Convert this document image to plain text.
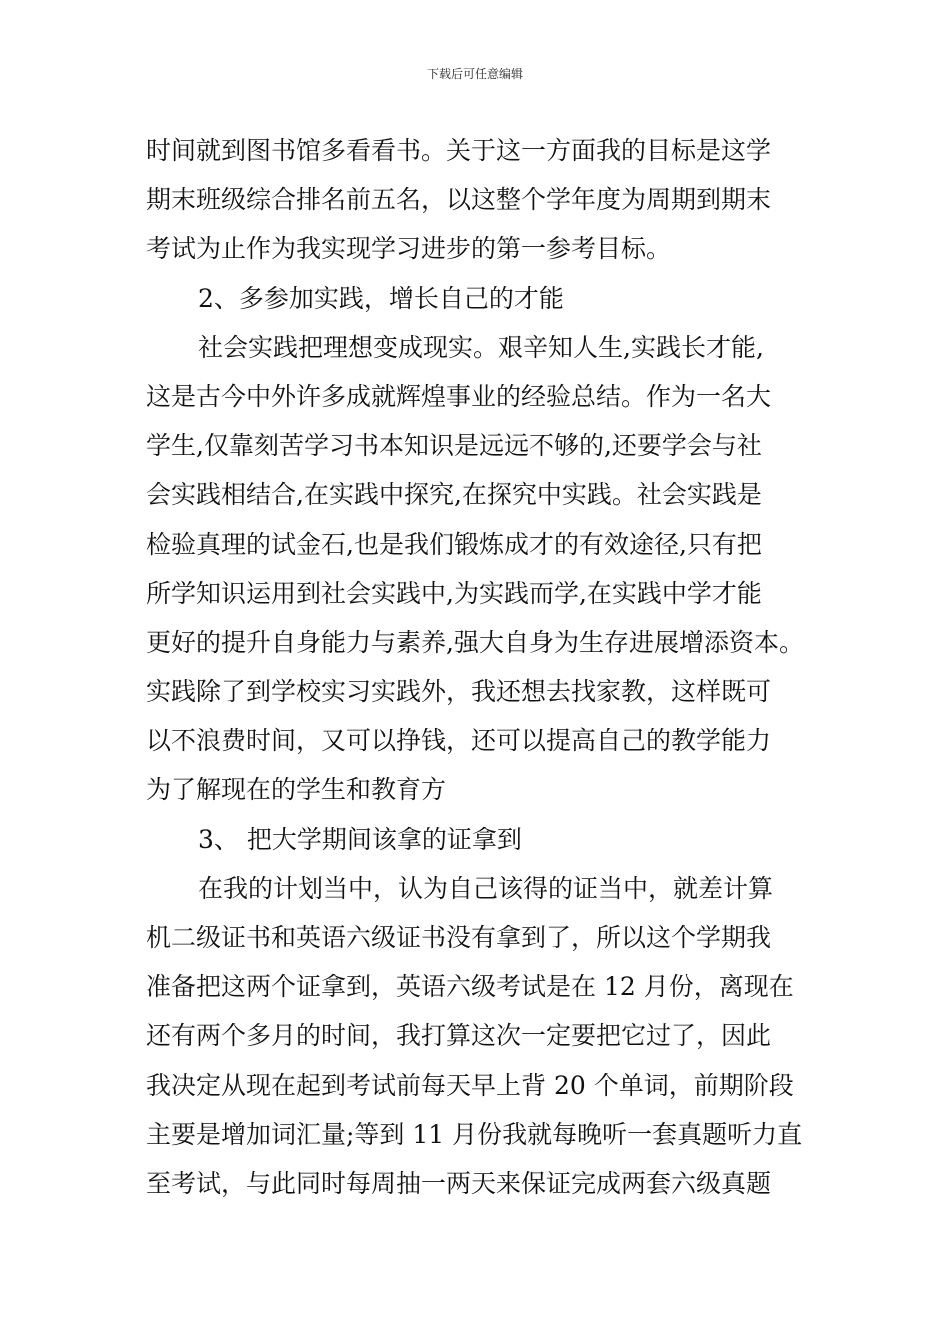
下载后可任意编辑
时间就到图书馆多看看书。关于这一方面我的目标是这学
期末班级综合排名前五名，以这整个学年度为周期到期末
考试为止作为我实现学习进步的第一参考目标。
2、多参加实践，增长自己的才能
社会实践把理想变成现实。艰辛知人生,实践长才能,
这是古今中外许多成就辉煌事业的经验总结。作为一名大
学生,仅靠刻苦学习书本知识是远远不够的,还要学会与社
会实践相结合,在实践中探究,在探究中实践。社会实践是
检验真理的试金石,也是我们锻炼成才的有效途径,只有把
所学知识运用到社会实践中,为实践而学,在实践中学才能
更好的提升自身能力与素养,强大自身为生存进展增添资本。
实践除了到学校实习实践外，我还想去找家教，这样既可
以不浪费时间，又可以挣钱，还可以提高自己的教学能力
为了解现在的学生和教育方
3、 把大学期间该拿的证拿到
在我的计划当中，认为自己该得的证当中，就差计算
机二级证书和英语六级证书没有拿到了，所以这个学期我
准备把这两个证拿到，英语六级考试是在 12 月份，离现在
还有两个多月的时间，我打算这次一定要把它过了，因此
我决定从现在起到考试前每天早上背 20 个单词，前期阶段
主要是增加词汇量;等到 11 月份我就每晚听一套真题听力直
至考试，与此同时每周抽一两天来保证完成两套六级真题
